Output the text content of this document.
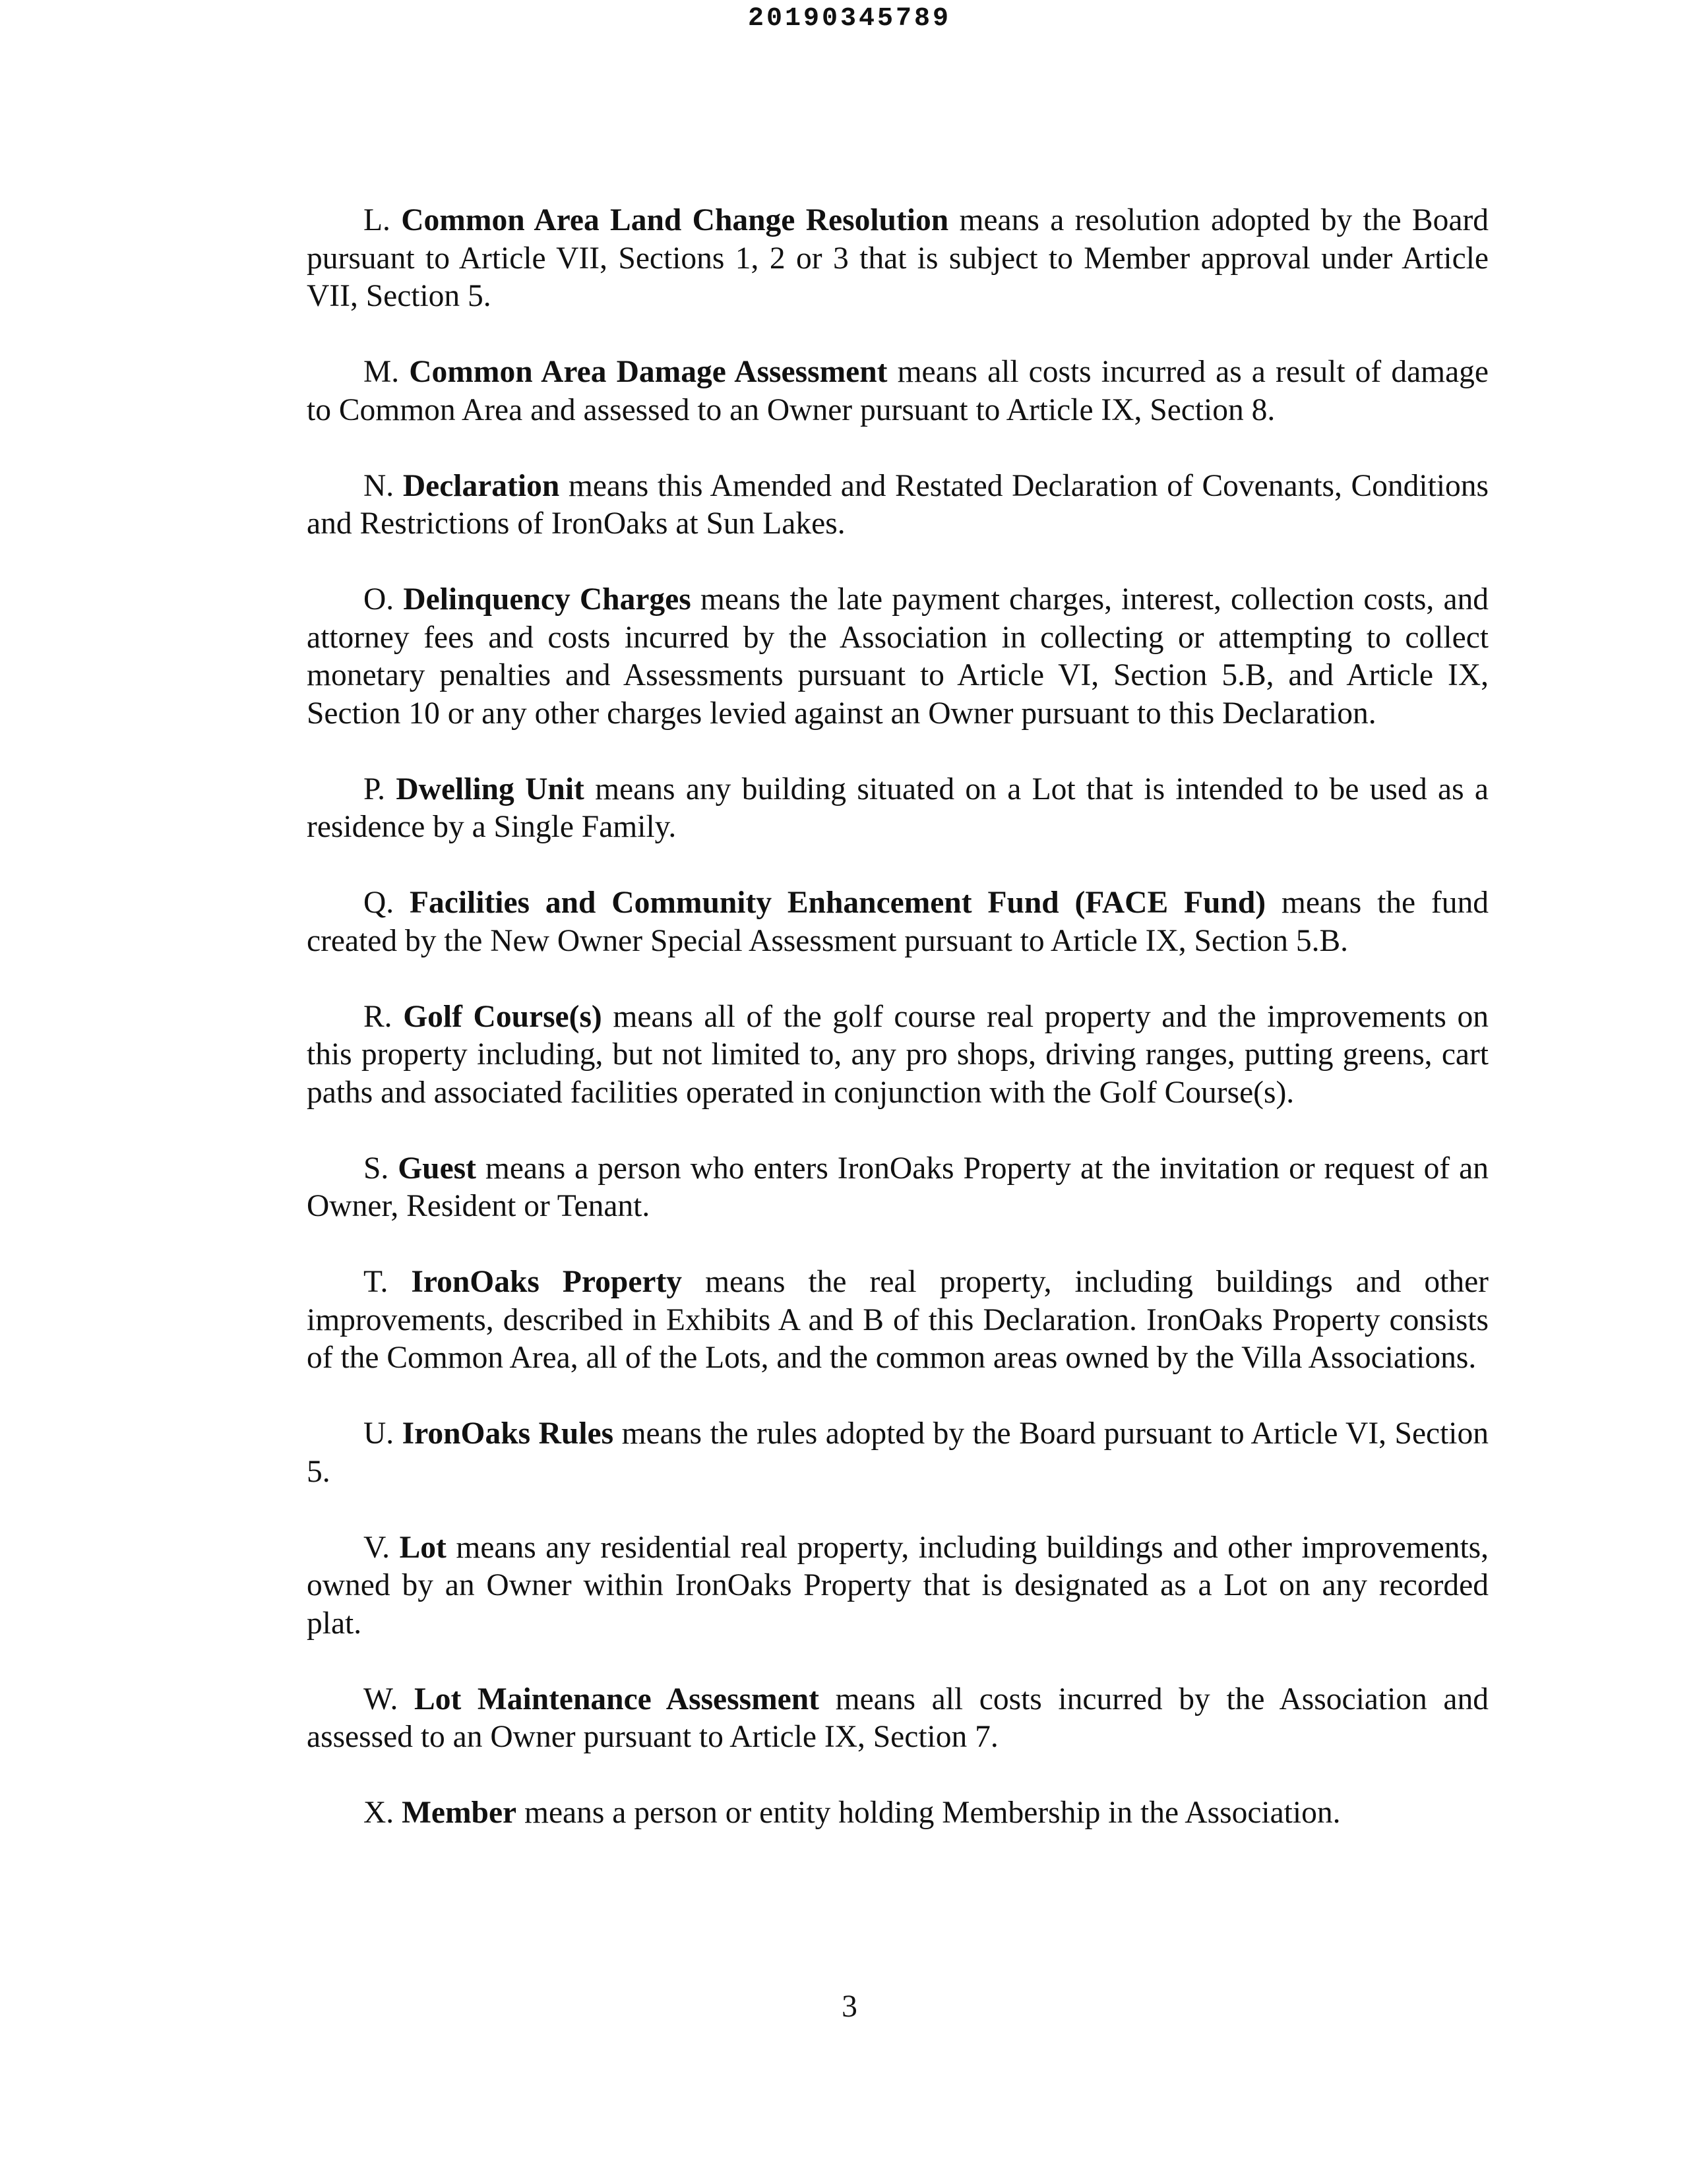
20190345789

L. Common Area Land Change Resolution means a resolution adopted by the Board pursuant to Article VII, Sections 1, 2 or 3 that is subject to Member approval under Article VII, Section 5.

M. Common Area Damage Assessment means all costs incurred as a result of damage to Common Area and assessed to an Owner pursuant to Article IX, Section 8.

N. Declaration means this Amended and Restated Declaration of Covenants, Conditions and Restrictions of IronOaks at Sun Lakes.

O. Delinquency Charges means the late payment charges, interest, collection costs, and attorney fees and costs incurred by the Association in collecting or attempting to collect monetary penalties and Assessments pursuant to Article VI, Section 5.B, and Article IX, Section 10 or any other charges levied against an Owner pursuant to this Declaration.

P. Dwelling Unit means any building situated on a Lot that is intended to be used as a residence by a Single Family.

Q. Facilities and Community Enhancement Fund (FACE Fund) means the fund created by the New Owner Special Assessment pursuant to Article IX, Section 5.B.

R. Golf Course(s) means all of the golf course real property and the improvements on this property including, but not limited to, any pro shops, driving ranges, putting greens, cart paths and associated facilities operated in conjunction with the Golf Course(s).

S. Guest means a person who enters IronOaks Property at the invitation or request of an Owner, Resident or Tenant.

T. IronOaks Property means the real property, including buildings and other improvements, described in Exhibits A and B of this Declaration. IronOaks Property consists of the Common Area, all of the Lots, and the common areas owned by the Villa Associations.

U. IronOaks Rules means the rules adopted by the Board pursuant to Article VI, Section 5.

V. Lot means any residential real property, including buildings and other improvements, owned by an Owner within IronOaks Property that is designated as a Lot on any recorded plat.

W. Lot Maintenance Assessment means all costs incurred by the Association and assessed to an Owner pursuant to Article IX, Section 7.

X. Member means a person or entity holding Membership in the Association.

3
